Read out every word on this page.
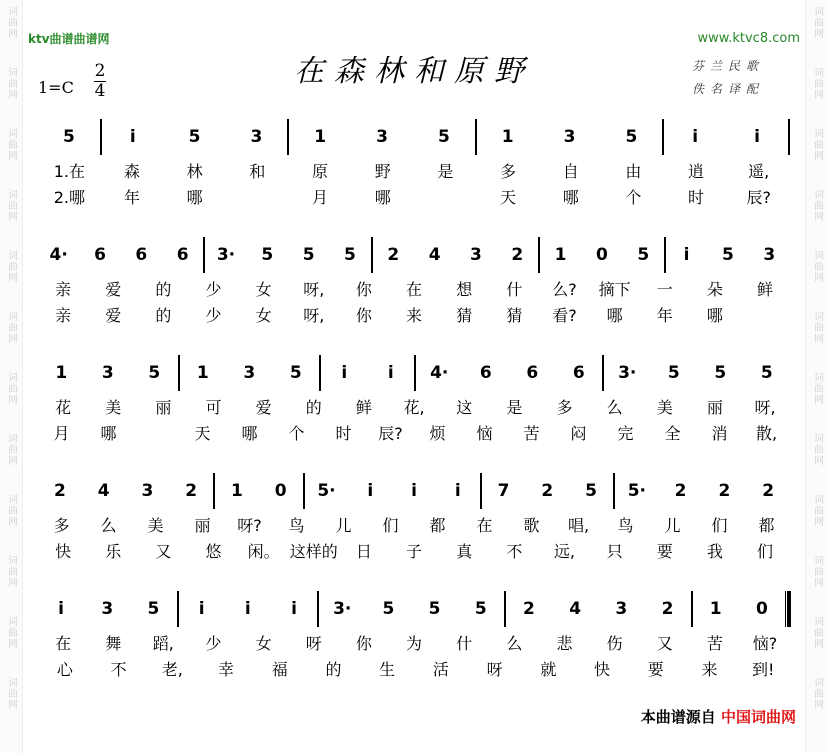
词曲网
词曲网
词曲网
词曲网
词曲网
词曲网
词曲网
词曲网
词曲网
词曲网
词曲网
词曲网
词曲网
词曲网
词曲网
词曲网
词曲网
词曲网
词曲网
词曲网
词曲网
词曲网
词曲网
词曲网
ktv曲谱曲谱网	www.ktvc8.com
在森林和原野
1=C
2
4
芬兰民歌
佚名译配
5	i	5	3	1	3	5	1	3	5	i	i
1.在	森	林	和	原	野	是	多	自	由	逍	遥,
2.哪	年	哪	月	哪	天	哪	个	时	辰?
4·	6	6	6	3·	5	5	5	2	4	3	2	1	0	5	i	5	3
亲	爱	的	少	女	呀,	你	在	想	什	么?	摘下	一	朵	鲜
亲	爱	的	少	女	呀,	你	来	猜	猜	看?	哪	年	哪
1	3	5	1	3	5	i	i	4·	6	6	6	3·	5	5	5
花	美	丽	可	爱	的	鲜	花,	这	是	多	么	美	丽	呀,
月	哪	天	哪	个	时	辰?	烦	恼	苦	闷	完	全	消	散,
2	4	3	2	1	0	5·	i	i	i	7	2	5	5·	2	2	2
多	么	美	丽	呀?	鸟	儿	们	都	在	歌	唱,	鸟	儿	们	都
快	乐	又	悠	闲。 这样的	日	子	真	不	远,	只	要	我	们
i	3	5	i	i	i	3·	5	5	5	2	4	3	2	1	0
在	舞	蹈,	少	女	呀	你	为	什	么	悲	伤	又	苦	恼?
心	不	老,	幸	福	的	生	活	呀	就	快	要	来	到!
本曲谱源自 中国词曲网
